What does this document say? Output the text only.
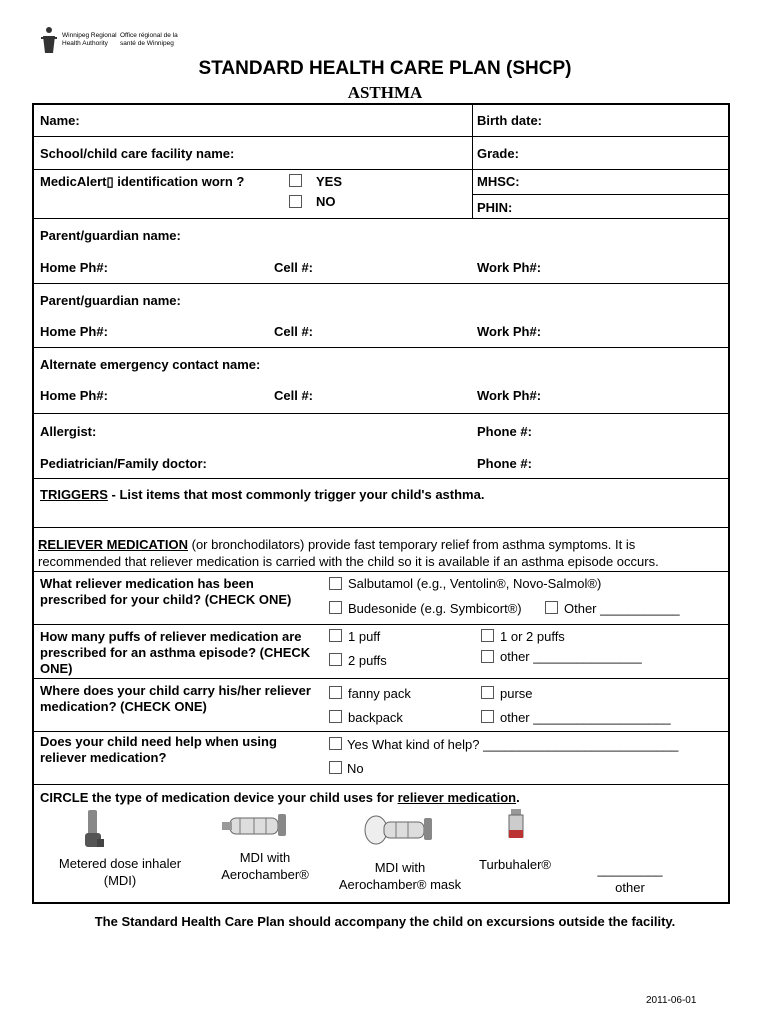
Winnipeg Regional Office régional de la
Health Authority santé de Winnipeg
STANDARD HEALTH CARE PLAN (SHCP)
ASTHMA
Name:	Birth date:
School/child care facility name:	Grade:
MedicAlert▯ identification worn ?	YES
NO
MHSC:
PHIN:
Parent/guardian name:
Home Ph#:	Cell #:	Work Ph#:
Parent/guardian name:
Home Ph#:	Cell #:	Work Ph#:
Alternate emergency contact name:
Home Ph#:	Cell #:	Work Ph#:
Allergist:	Phone #:
Pediatrician/Family doctor:	Phone #:
TRIGGERS - List items that most commonly trigger your child's asthma.
RELIEVER MEDICATION (or bronchodilators) provide fast temporary relief from asthma symptoms. It is recommended that reliever medication is carried with the child so it is available if an asthma episode occurs.
What reliever medication has been prescribed for your child? (CHECK ONE)
Salbutamol (e.g., Ventolin®, Novo-Salmol®)
Budesonide (e.g. Symbicort®)	Other ___________
How many puffs of reliever medication are prescribed for an asthma episode? (CHECK ONE)
1 puff	1 or 2 puffs
2 puffs	other _______________
Where does your child carry his/her reliever medication? (CHECK ONE)
fanny pack	purse
backpack	other ___________________
Does your child need help when using reliever medication?
Yes What kind of help? ___________________________
No
CIRCLE the type of medication device your child uses for reliever medication.
Metered dose inhaler (MDI)
MDI with Aerochamber®	MDI with Aerochamber® mask
Turbuhaler®	_________
other
The Standard Health Care Plan should accompany the child on excursions outside the facility.
2011-06-01
